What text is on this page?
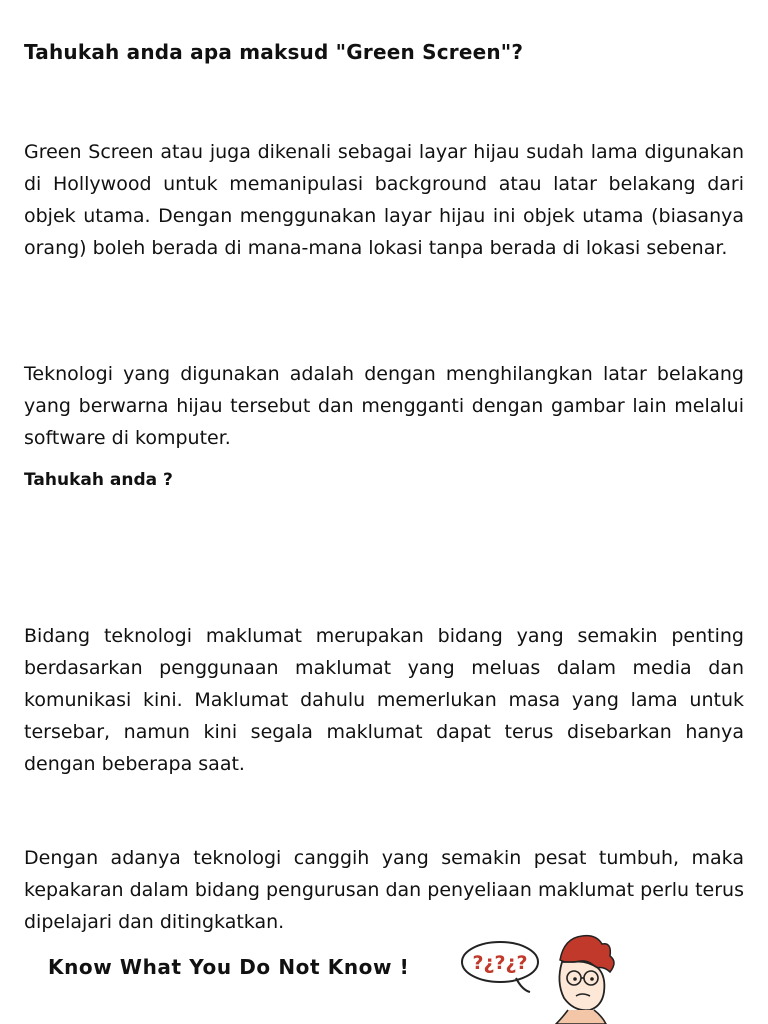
Tahukah anda apa maksud "Green Screen"?

Green Screen atau juga dikenali sebagai layar hijau sudah lama digunakan di Hollywood untuk memanipulasi background atau latar belakang dari objek utama. Dengan menggunakan layar hijau ini objek utama (biasanya orang) boleh berada di mana-mana lokasi tanpa berada di lokasi sebenar.

Teknologi yang digunakan adalah dengan menghilangkan latar belakang yang berwarna hijau tersebut dan mengganti dengan gambar lain melalui software di komputer.

Tahukah anda ?

Bidang teknologi maklumat merupakan bidang yang semakin penting berdasarkan penggunaan maklumat yang meluas dalam media dan komunikasi kini. Maklumat dahulu memerlukan masa yang lama untuk tersebar, namun kini segala maklumat dapat terus disebarkan hanya dengan beberapa saat.

Dengan adanya teknologi canggih yang semakin pesat tumbuh, maka kepakaran dalam bidang pengurusan dan penyeliaan maklumat perlu terus dipelajari dan ditingkatkan.

Know What You Do Not Know !	?¿?¿?
